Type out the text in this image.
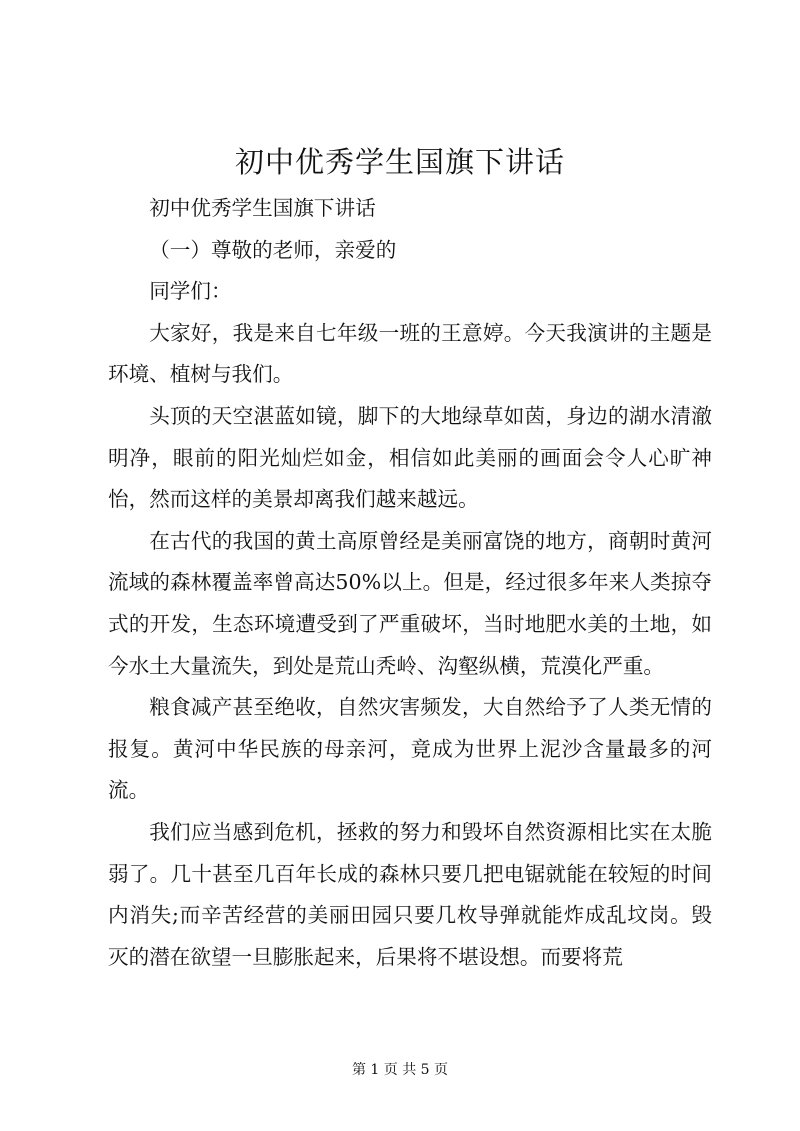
初中优秀学生国旗下讲话

初中优秀学生国旗下讲话

（一）尊敬的老师，亲爱的

同学们：

大家好，我是来自七年级一班的王意婷。今天我演讲的主题是环境、植树与我们。

头顶的天空湛蓝如镜，脚下的大地绿草如茵，身边的湖水清澈明净，眼前的阳光灿烂如金，相信如此美丽的画面会令人心旷神怡，然而这样的美景却离我们越来越远。

在古代的我国的黄土高原曾经是美丽富饶的地方，商朝时黄河流域的森林覆盖率曾高达50%以上。但是，经过很多年来人类掠夺式的开发，生态环境遭受到了严重破坏，当时地肥水美的土地，如今水土大量流失，到处是荒山秃岭、沟壑纵横，荒漠化严重。

粮食减产甚至绝收，自然灾害频发，大自然给予了人类无情的报复。黄河中华民族的母亲河，竟成为世界上泥沙含量最多的河流。

我们应当感到危机，拯救的努力和毁坏自然资源相比实在太脆弱了。几十甚至几百年长成的森林只要几把电锯就能在较短的时间内消失;而辛苦经营的美丽田园只要几枚导弹就能炸成乱坟岗。毁灭的潜在欲望一旦膨胀起来，后果将不堪设想。而要将荒

第 1 页 共 5 页
